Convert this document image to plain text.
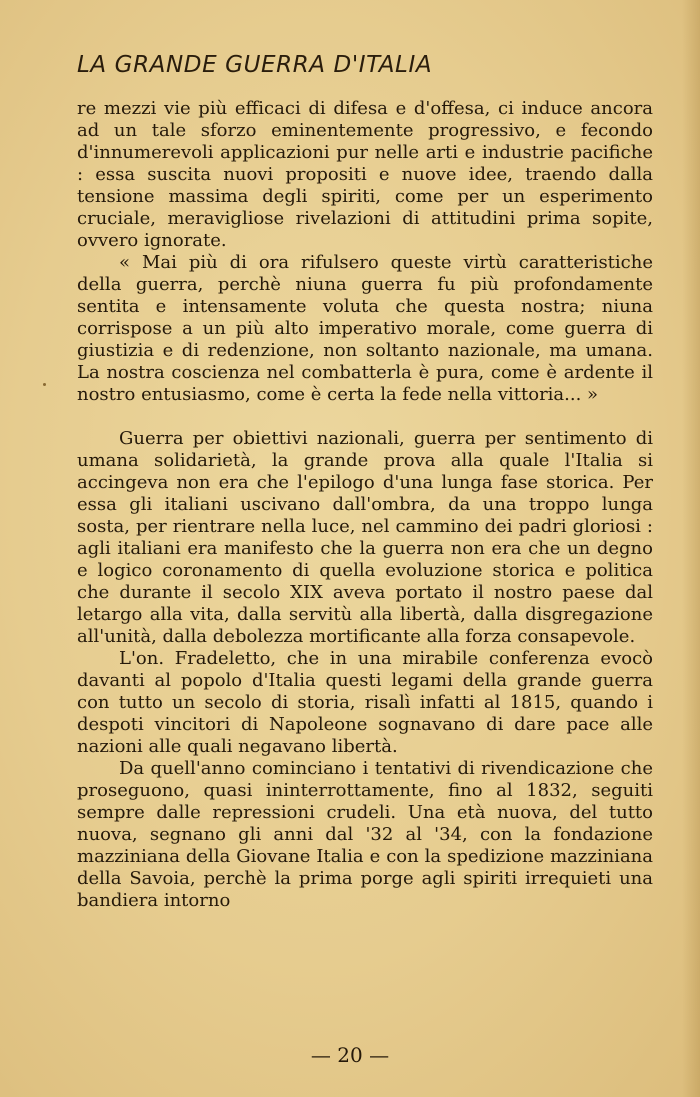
LA GRANDE GUERRA D'ITALIA

re mezzi vie più efficaci di difesa e d'offesa, ci induce ancora ad un tale sforzo eminentemente progressivo, e fecondo d'innumerevoli applicazioni pur nelle arti e industrie pacifiche : essa suscita nuovi propositi e nuove idee, traendo dalla tensione massima degli spiriti, come per un esperimento cruciale, meravigliose rivelazioni di attitudini prima sopite, ovvero ignorate.

« Mai più di ora rifulsero queste virtù caratteristiche della guerra, perchè niuna guerra fu più profondamente sentita e intensamente voluta che questa nostra; niuna corrispose a un più alto imperativo morale, come guerra di giustizia e di redenzione, non soltanto nazionale, ma umana. La nostra coscienza nel combatterla è pura, come è ardente il nostro entusiasmo, come è certa la fede nella vittoria... »

Guerra per obiettivi nazionali, guerra per sentimento di umana solidarietà, la grande prova alla quale l'Italia si accingeva non era che l'epilogo d'una lunga fase storica. Per essa gli italiani uscivano dall'ombra, da una troppo lunga sosta, per rientrare nella luce, nel cammino dei padri gloriosi : agli italiani era manifesto che la guerra non era che un degno e logico coronamento di quella evoluzione storica e politica che durante il secolo XIX aveva portato il nostro paese dal letargo alla vita, dalla servitù alla libertà, dalla disgregazione all'unità, dalla debolezza mortificante alla forza consapevole.

L'on. Fradeletto, che in una mirabile conferenza evocò davanti al popolo d'Italia questi legami della grande guerra con tutto un secolo di storia, risalì infatti al 1815, quando i despoti vincitori di Napoleone sognavano di dare pace alle nazioni alle quali negavano libertà.

Da quell'anno cominciano i tentativi di rivendicazione che proseguono, quasi ininterrottamente, fino al 1832, seguiti sempre dalle repressioni crudeli. Una età nuova, del tutto nuova, segnano gli anni dal '32 al '34, con la fondazione mazziniana della Giovane Italia e con la spedizione mazziniana della Savoia, perchè la prima porge agli spiriti irrequieti una bandiera intorno

— 20 —
